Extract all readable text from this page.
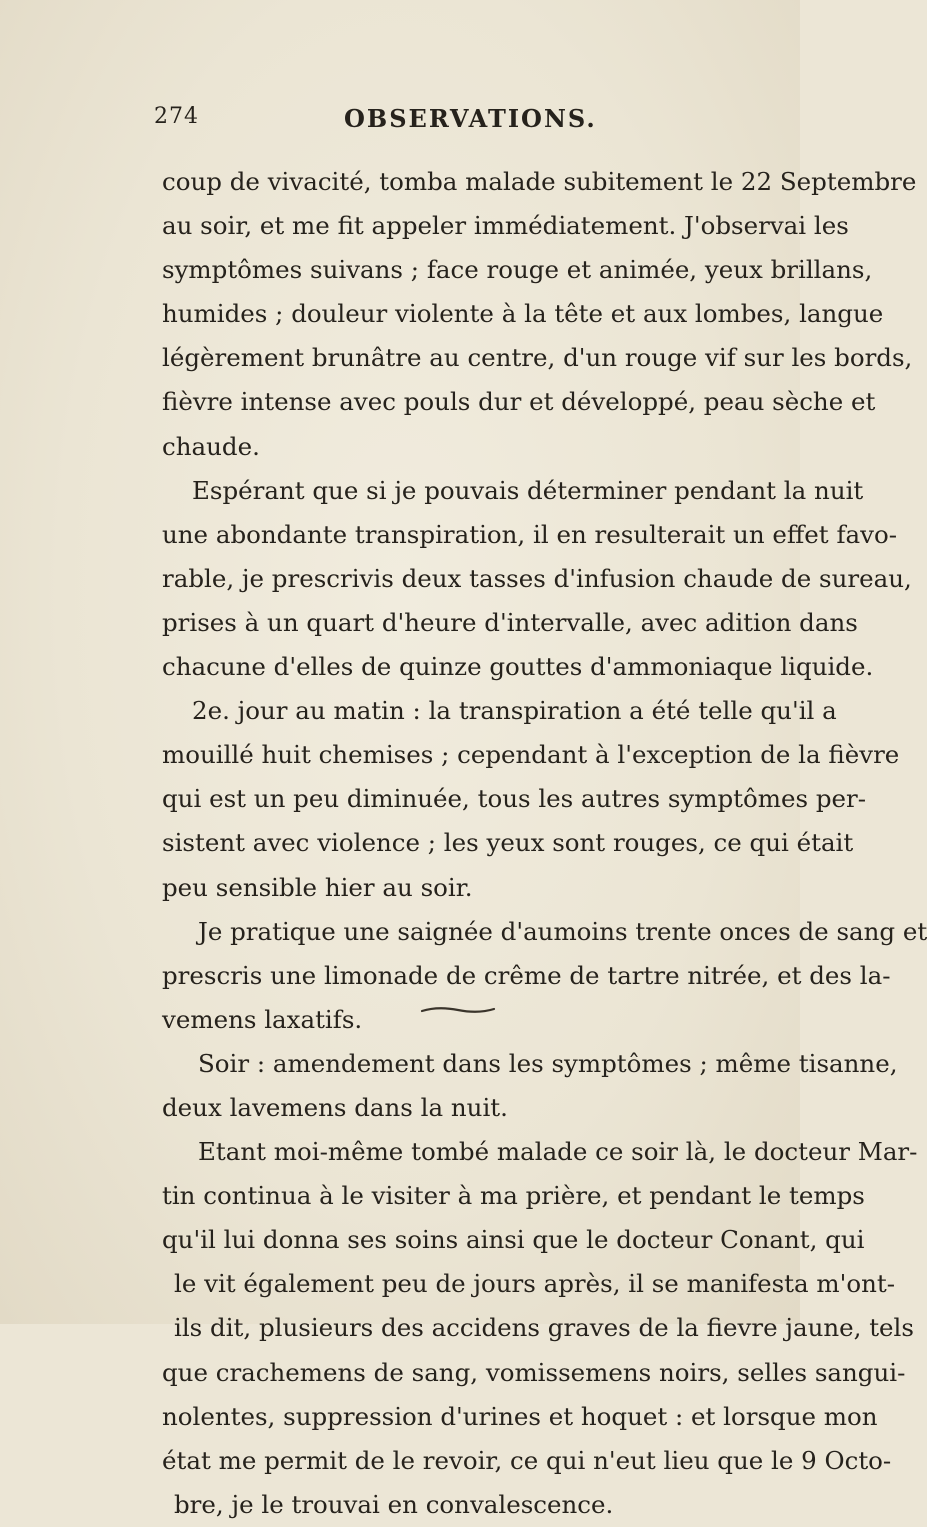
274	OBSERVATIONS.
coup de vivacité, tomba malade subitement le 22 Septembre
au soir, et me fit appeler immédiatement. J'observai les
symptômes suivans ; face rouge et animée, yeux brillans,
humides ; douleur violente à la tête et aux lombes, langue
légèrement brunâtre au centre, d'un rouge vif sur les bords,
fièvre intense avec pouls dur et développé, peau sèche et
chaude.
Espérant que si je pouvais déterminer pendant la nuit
une abondante transpiration, il en resulterait un effet favo-
rable, je prescrivis deux tasses d'infusion chaude de sureau,
prises à un quart d'heure d'intervalle, avec adition dans
chacune d'elles de quinze gouttes d'ammoniaque liquide.
2e. jour au matin : la transpiration a été telle qu'il a
mouillé huit chemises ; cependant à l'exception de la fièvre
qui est un peu diminuée, tous les autres symptômes per-
sistent avec violence ; les yeux sont rouges, ce qui était
peu sensible hier au soir.
Je pratique une saignée d'aumoins trente onces de sang et
prescris une limonade de crême de tartre nitrée, et des la-
vemens laxatifs.
Soir : amendement dans les symptômes ; même tisanne,
deux lavemens dans la nuit.
Etant moi-même tombé malade ce soir là, le docteur Mar-
tin continua à le visiter à ma prière, et pendant le temps
qu'il lui donna ses soins ainsi que le docteur Conant, qui
le vit également peu de jours après, il se manifesta m'ont-
ils dit, plusieurs des accidens graves de la fievre jaune, tels
que crachemens de sang, vomissemens noirs, selles sangui-
nolentes, suppression d'urines et hoquet : et lorsque mon
état me permit de le revoir, ce qui n'eut lieu que le 9 Octo-
bre, je le trouvai en convalescence.
